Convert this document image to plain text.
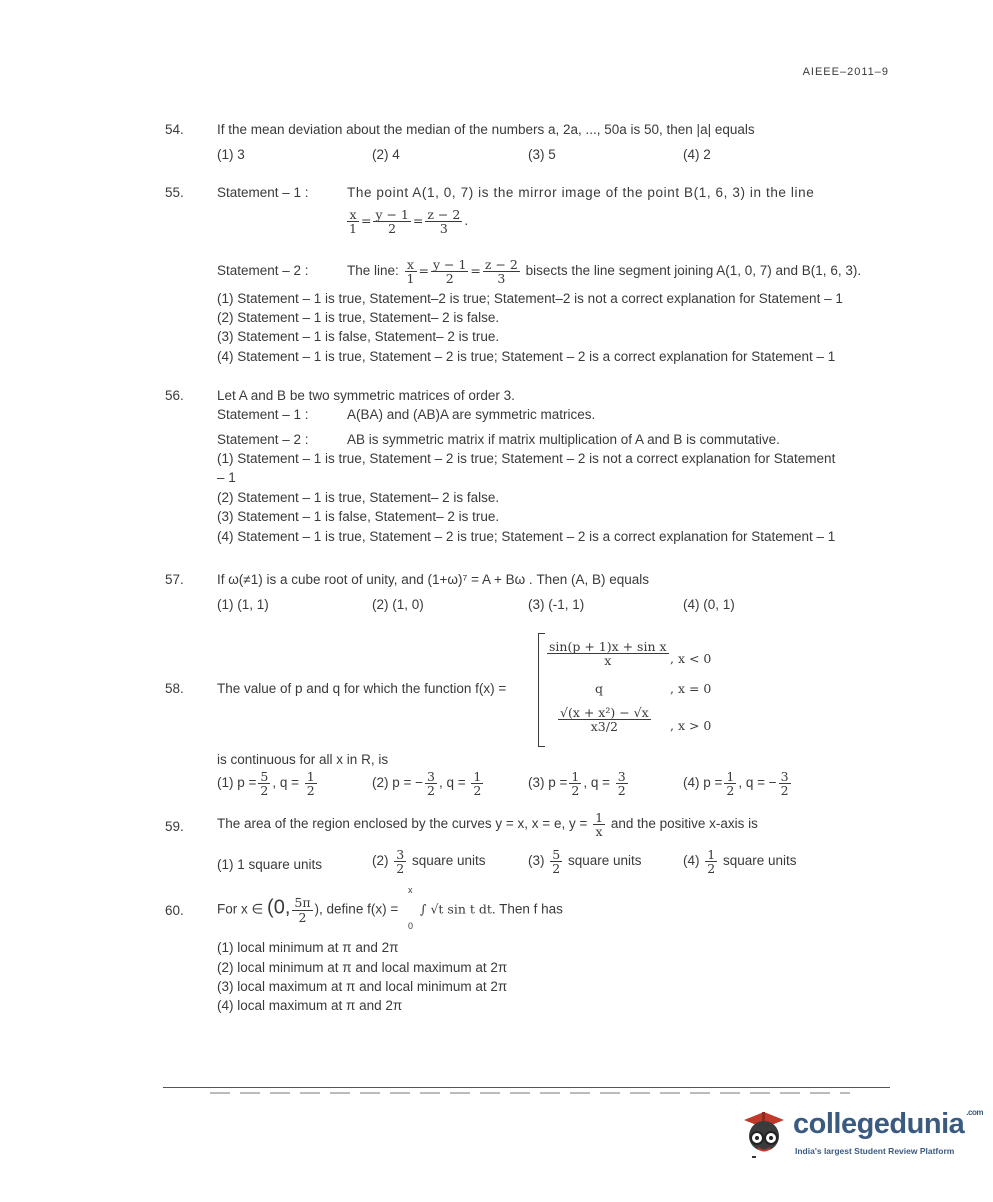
AIEEE–2011–9
54. If the mean deviation about the median of the numbers a, 2a, ..., 50a is 50, then |a| equals
(1) 3	(2) 4	(3) 5	(4) 2
55. Statement – 1 :	The point A(1, 0, 7) is the mirror image of the point B(1, 6, 3) in the line
$\frac{x}{1} = \frac{y - 1}{2} = \frac{z - 2}{3}$ .
Statement – 2 :	The line: $\frac{x}{1} = \frac{y - 1}{2} = \frac{z - 2}{3}$ bisects the line segment joining A(1, 0, 7) and B(1, 6, 3).
(1) Statement – 1 is true, Statement–2 is true; Statement–2 is not a correct explanation for Statement – 1
(2) Statement – 1 is true, Statement– 2 is false.
(3) Statement – 1 is false, Statement– 2 is true.
(4) Statement – 1 is true, Statement – 2 is true; Statement – 2 is a correct explanation for Statement – 1
56. Let A and B be two symmetric matrices of order 3.
Statement – 1 :	A(BA) and (AB)A are symmetric matrices.
Statement – 2 :	AB is symmetric matrix if matrix multiplication of A and B is commutative.
(1) Statement – 1 is true, Statement – 2 is true; Statement – 2 is not a correct explanation for Statement
– 1
(2) Statement – 1 is true, Statement– 2 is false.
(3) Statement – 1 is false, Statement– 2 is true.
(4) Statement – 1 is true, Statement – 2 is true; Statement – 2 is a correct explanation for Statement – 1
57. If ω(≠1) is a cube root of unity, and (1+ω)⁷ = A + Bω . Then (A, B) equals
(1) (1, 1)	(2) (1, 0)	(3) (-1, 1)	(4) (0, 1)
58. The value of p and q for which the function f(x) =
$\frac{\text{sin(p + 1)x + sin x}}{x}$ , x < 0
q	, x = 0
$\frac{\text{√(x + x²) − √x}}{x3/2}$ , x > 0
is continuous for all x in R, is
(1) $p = \frac{5}{2}$ , $q = \frac{1}{2}$	(2) p = − $\frac{3}{2}$ , $q = \frac{1}{2}$	(3) $p = \frac{1}{2}$ , $q = \frac{3}{2}$	(4) $p = \frac{1}{2}$ , q = − $\frac{3}{2}$
59. The area of the region enclosed by the curves y = x, x = e, $y = \frac{1}{x}$ and the positive x-axis is
(1) 1 square units	$(2) \frac{3}{2}$ square units	$(3) \frac{5}{2}$ square units	$(4) \frac{1}{2}$ square units
60. For x ∈ (0, $\frac{5\pi}{2}$ ), define f(x) =
x
0
∫ √t sin t dt. Then f has
(1) local minimum at π and 2π
(2) local minimum at π and local maximum at 2π
(3) local maximum at π and local minimum at 2π
(4) local maximum at π and 2π
collegedunia $^{.com}$
India's largest Student Review Platform
